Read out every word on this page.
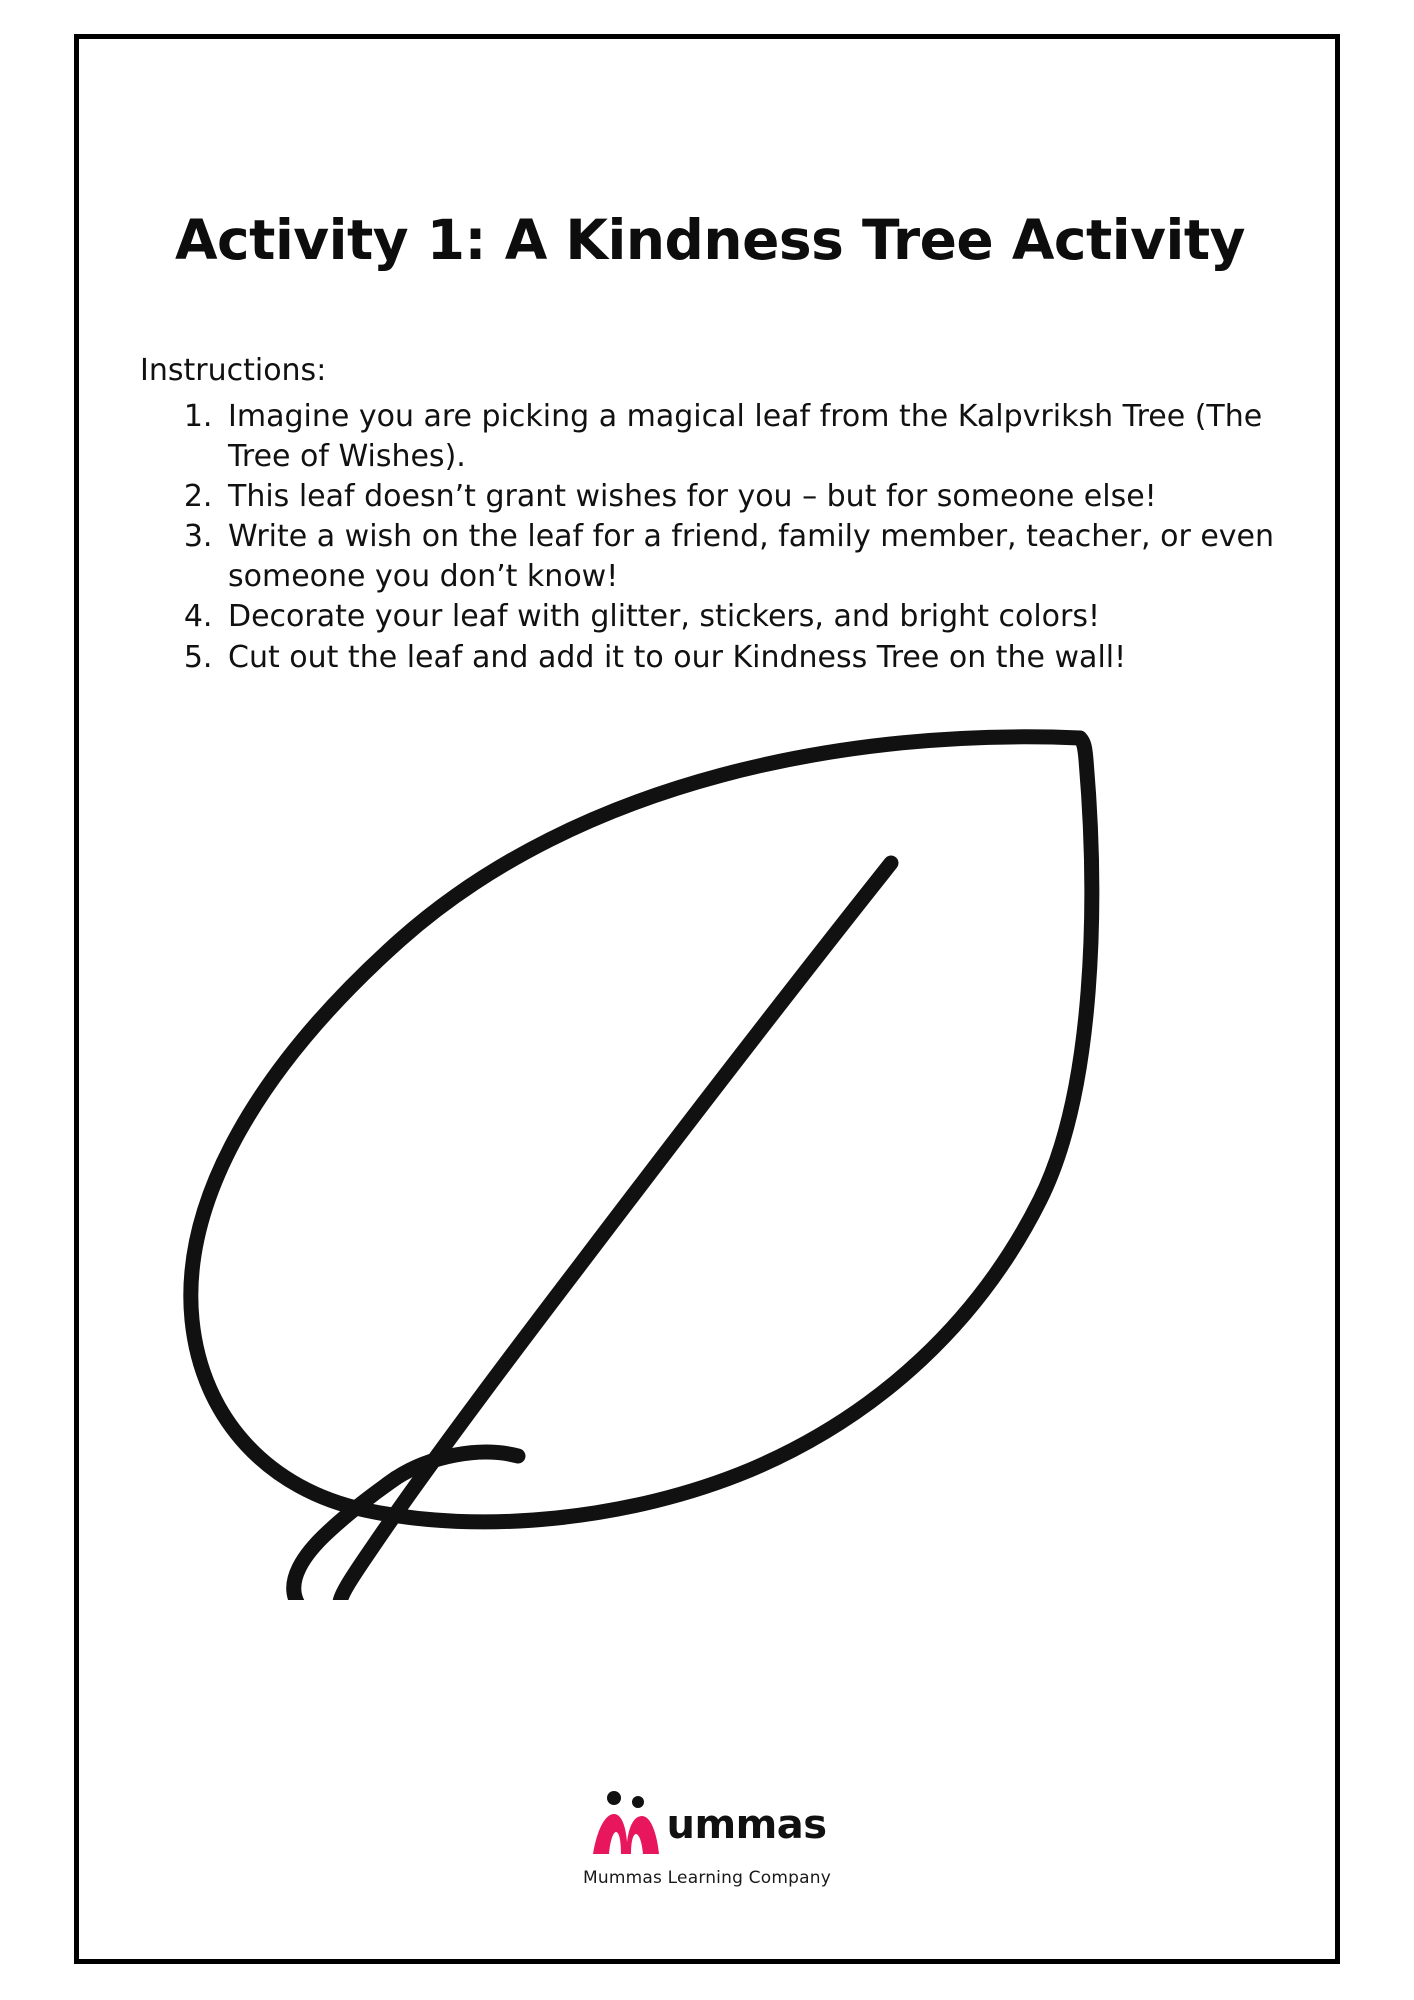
Activity 1: A Kindness Tree Activity
Instructions:
1. Imagine you are picking a magical leaf from the Kalpvriksh Tree (The Tree of Wishes).
2. This leaf doesn’t grant wishes for you – but for someone else!
3. Write a wish on the leaf for a friend, family member, teacher, or even someone you don’t know!
4. Decorate your leaf with glitter, stickers, and bright colors!
5. Cut out the leaf and add it to our Kindness Tree on the wall!
ummas
Mummas Learning Company
